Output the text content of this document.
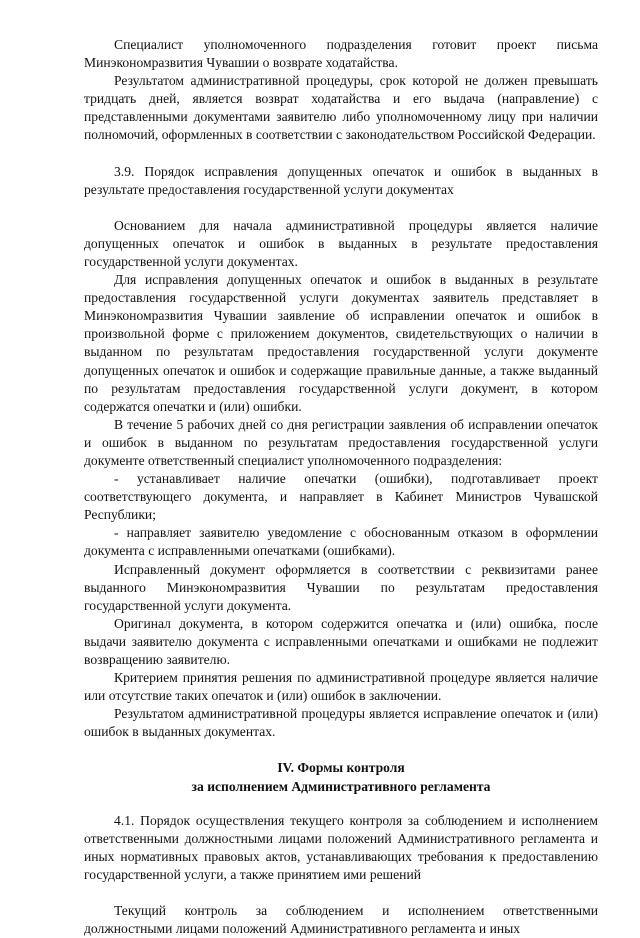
Специалист уполномоченного подразделения готовит проект письма Минэкономразвития Чувашии о возврате ходатайства.

Результатом административной процедуры, срок которой не должен превышать тридцать дней, является возврат ходатайства и его выдача (направление) с представленными документами заявителю либо уполномоченному лицу при наличии полномочий, оформленных в соответствии с законодательством Российской Федерации.

3.9. Порядок исправления допущенных опечаток и ошибок в выданных в результате предоставления государственной услуги документах

Основанием для начала административной процедуры является наличие допущенных опечаток и ошибок в выданных в результате предоставления государственной услуги документах.

Для исправления допущенных опечаток и ошибок в выданных в результате предоставления государственной услуги документах заявитель представляет в Минэкономразвития Чувашии заявление об исправлении опечаток и ошибок в произвольной форме с приложением документов, свидетельствующих о наличии в выданном по результатам предоставления государственной услуги документе допущенных опечаток и ошибок и содержащие правильные данные, а также выданный по результатам предоставления государственной услуги документ, в котором содержатся опечатки и (или) ошибки.

В течение 5 рабочих дней со дня регистрации заявления об исправлении опечаток и ошибок в выданном по результатам предоставления государственной услуги документе ответственный специалист уполномоченного подразделения:

- устанавливает наличие опечатки (ошибки), подготавливает проект соответствующего документа, и направляет в Кабинет Министров Чувашской Республики;

- направляет заявителю уведомление с обоснованным отказом в оформлении документа с исправленными опечатками (ошибками).

Исправленный документ оформляется в соответствии с реквизитами ранее выданного Минэкономразвития Чувашии по результатам предоставления государственной услуги документа.

Оригинал документа, в котором содержится опечатка и (или) ошибка, после выдачи заявителю документа с исправленными опечатками и ошибками не подлежит возвращению заявителю.

Критерием принятия решения по административной процедуре является наличие или отсутствие таких опечаток и (или) ошибок в заключении.

Результатом административной процедуры является исправление опечаток и (или) ошибок в выданных документах.

IV. Формы контроля

за исполнением Административного регламента

4.1. Порядок осуществления текущего контроля за соблюдением и исполнением ответственными должностными лицами положений Административного регламента и иных нормативных правовых актов, устанавливающих требования к предоставлению государственной услуги, а также принятием ими решений

Текущий контроль за соблюдением и исполнением ответственными должностными лицами положений Административного регламента и иных
